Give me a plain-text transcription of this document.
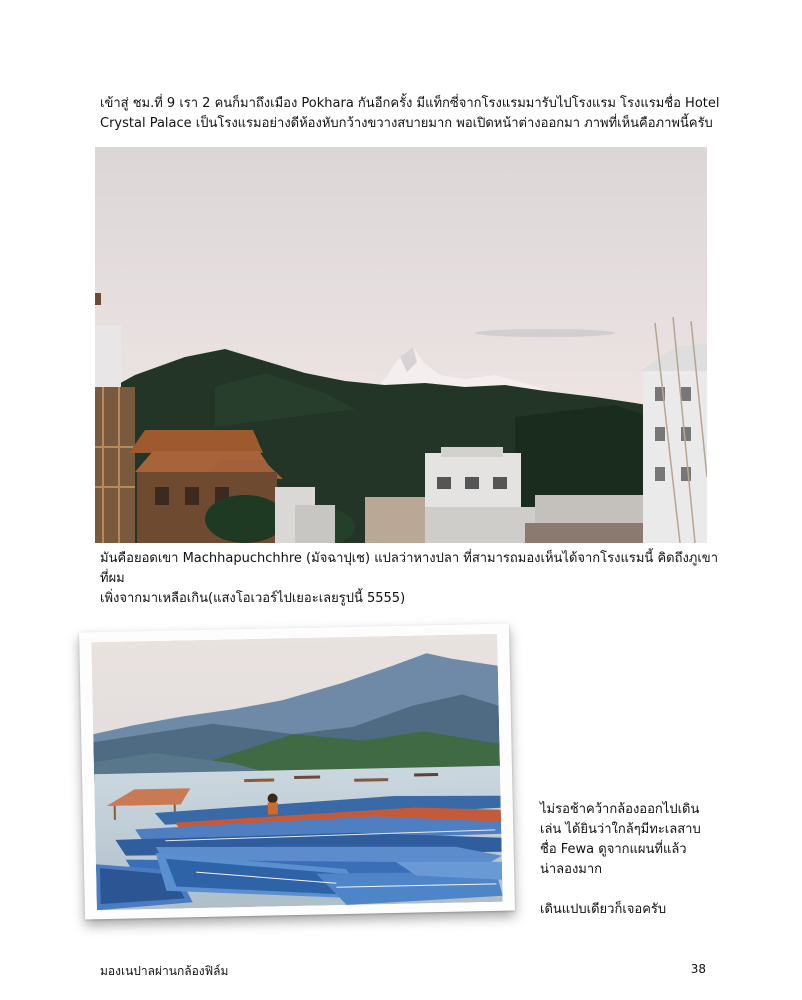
เข้าสู่ ชม.ที่ 9 เรา 2 คนก็มาถึงเมือง Pokhara กันอีกครั้ง มีแท็กซี่จากโรงแรมมารับไปโรงแรม โรงแรมชื่อ Hotel
Crystal Palace เป็นโรงแรมอย่างดีห้องหับกว้างขวางสบายมาก พอเปิดหน้าต่างออกมา ภาพที่เห็นคือภาพนี้ครับ

มันคือยอดเขา Machhapuchchhre (มัจฉาปุเช) แปลว่าหางปลา ที่สามารถมองเห็นได้จากโรงแรมนี้ คิดถึงภูเขาที่ผม
เพิ่งจากมาเหลือเกิน(แสงโอเวอร์ไปเยอะเลยรูปนี้ 5555)

ไม่รอช้าคว้ากล้องออกไปเดิน
เล่น ได้ยินว่าใกล้ๆมีทะเลสาบ
ชื่อ Fewa ดูจากแผนที่แล้ว
น่าลองมาก
เดินแปบเดียวก็เจอครับ
มองเนปาลผ่านกล้องฟิล์ม	38
